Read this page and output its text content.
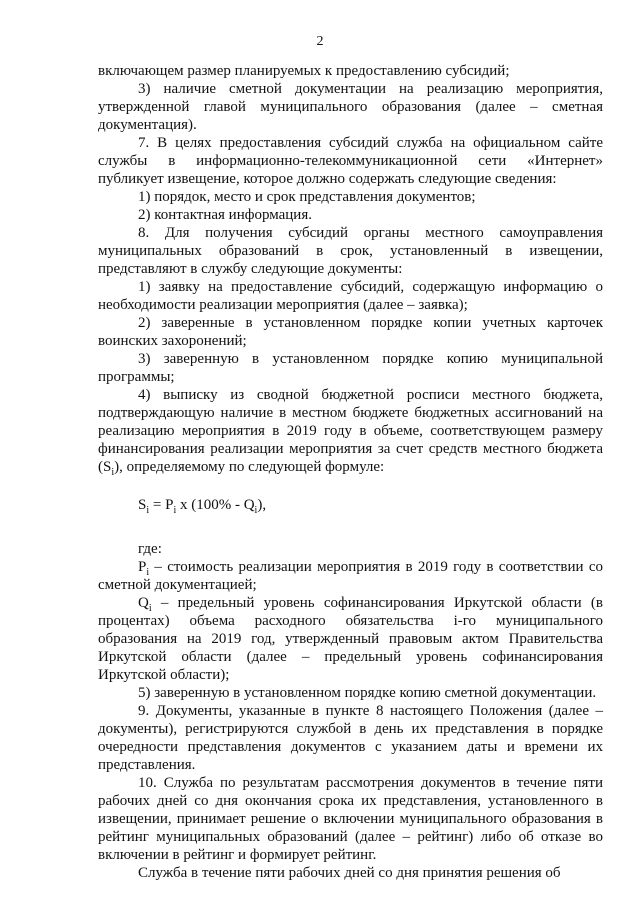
2

включающем размер планируемых к предоставлению субсидий;

3) наличие сметной документации на реализацию мероприятия, утвержденной главой муниципального образования (далее – сметная документация).

7. В целях предоставления субсидий служба на официальном сайте службы в информационно-телекоммуникационной сети «Интернет» публикует извещение, которое должно содержать следующие сведения:

1) порядок, место и срок представления документов;

2) контактная информация.

8. Для получения субсидий органы местного самоуправления муниципальных образований в срок, установленный в извещении, представляют в службу следующие документы:

1) заявку на предоставление субсидий, содержащую информацию о необходимости реализации мероприятия (далее – заявка);

2) заверенные в установленном порядке копии учетных карточек воинских захоронений;

3) заверенную в установленном порядке копию муниципальной программы;

4) выписку из сводной бюджетной росписи местного бюджета, подтверждающую наличие в местном бюджете бюджетных ассигнований на реализацию мероприятия в 2019 году в объеме, соответствующем размеру финансирования реализации мероприятия за счет средств местного бюджета $(S_i)$, определяемому по следующей формуле:

$S_i = P_i$ x $(100\% - Q_i)$,

где:

$P_i$ – стоимость реализации мероприятия в 2019 году в соответствии со сметной документацией;

$Q_i$ – предельный уровень софинансирования Иркутской области (в процентах) объема расходного обязательства i-го муниципального образования на 2019 год, утвержденный правовым актом Правительства Иркутской области (далее – предельный уровень софинансирования Иркутской области);

5) заверенную в установленном порядке копию сметной документации.

9. Документы, указанные в пункте 8 настоящего Положения (далее – документы), регистрируются службой в день их представления в порядке очередности представления документов с указанием даты и времени их представления.

10. Служба по результатам рассмотрения документов в течение пяти рабочих дней со дня окончания срока их представления, установленного в извещении, принимает решение о включении муниципального образования в рейтинг муниципальных образований (далее – рейтинг) либо об отказе во включении в рейтинг и формирует рейтинг.

Служба в течение пяти рабочих дней со дня принятия решения об
